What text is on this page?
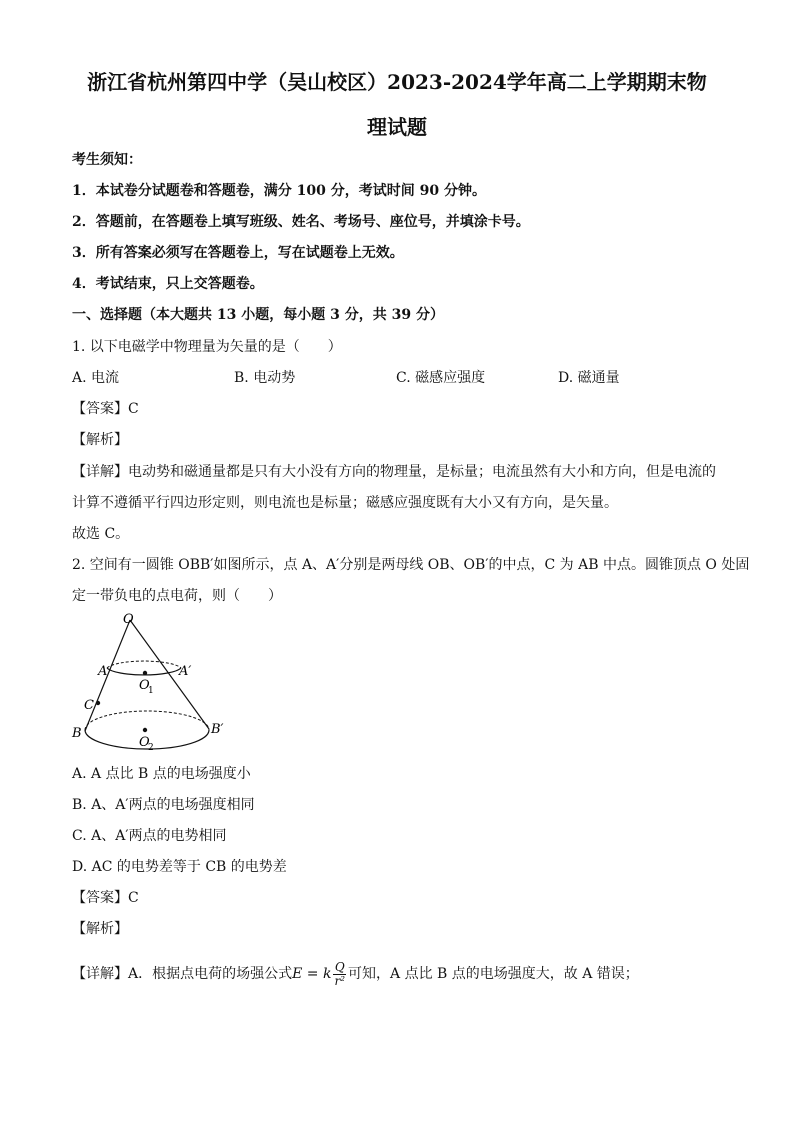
浙江省杭州第四中学（吴山校区）2023-2024学年高二上学期期末物
理试题
考生须知：
1．本试卷分试题卷和答题卷，满分 100 分，考试时间 90 分钟。
2．答题前，在答题卷上填写班级、姓名、考场号、座位号，并填涂卡号。
3．所有答案必须写在答题卷上，写在试题卷上无效。
4．考试结束，只上交答题卷。
一、选择题（本大题共 13 小题，每小题 3 分，共 39 分）
1. 以下电磁学中物理量为矢量的是（　　）
A. 电流	B. 电动势	C. 磁感应强度	D. 磁通量
【答案】C
【解析】
【详解】电动势和磁通量都是只有大小没有方向的物理量，是标量；电流虽然有大小和方向，但是电流的
计算不遵循平行四边形定则，则电流也是标量；磁感应强度既有大小又有方向，是矢量。
故选 C。
2. 空间有一圆锥 OBB′如图所示，点 A、A′分别是两母线 OB、OB′的中点，C 为 AB 中点。圆锥顶点 O 处固
定一带负电的点电荷，则（　　）
O
A	A′
O
1
C
B	B′
O
2
A. A 点比 B 点的电场强度小
B. A、A′两点的电场强度相同
C. A、A′两点的电势相同
D. AC 的电势差等于 CB 的电势差
【答案】C
【解析】
【详解】A．根据点电荷的场强公式E = k $\frac{Q}{\text{r²}}$ 可知，A 点比 B 点的电场强度大，故 A 错误；
